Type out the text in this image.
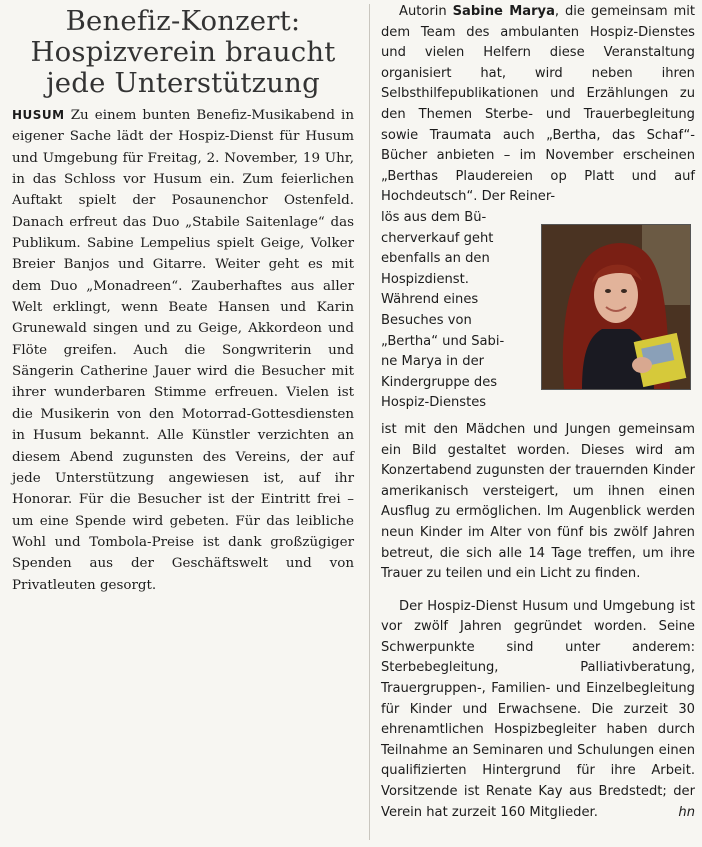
Benefiz-Konzert:
Hospizverein braucht
jede Unterstützung

HUSUM Zu einem bunten Benefiz-Musikabend in eigener Sache lädt der Hospiz-Dienst für Husum und Umgebung für Freitag, 2. November, 19 Uhr, in das Schloss vor Husum ein. Zum feierlichen Auftakt spielt der Posaunenchor Ostenfeld. Danach erfreut das Duo „Stabile Saitenlage“ das Publikum. Sabine Lempelius spielt Geige, Volker Breier Banjos und Gitarre. Weiter geht es mit dem Duo „Monadreen“. Zauberhaftes aus aller Welt erklingt, wenn Beate Hansen und Karin Grunewald singen und zu Geige, Akkordeon und Flöte greifen. Auch die Songwriterin und Sängerin Catherine Jauer wird die Besucher mit ihrer wunderbaren Stimme erfreuen. Vielen ist die Musikerin von den Motorrad-Gottesdiensten in Husum bekannt. Alle Künstler verzichten an diesem Abend zugunsten des Vereins, der auf jede Unterstützung angewiesen ist, auf ihr Honorar. Für die Besucher ist der Eintritt frei – um eine Spende wird gebeten. Für das leibliche Wohl und Tombola-Preise ist dank großzügiger Spenden aus der Geschäftswelt und von Privatleuten gesorgt.

Autorin Sabine Marya, die gemeinsam mit dem Team des ambulanten Hospiz-Dienstes und vielen Helfern diese Veranstaltung organisiert hat, wird neben ihren Selbsthilfepublikationen und Erzählungen zu den Themen Sterbe- und Trauerbegleitung sowie Traumata auch „Bertha, das Schaf“-Bücher anbieten – im November erscheinen „Berthas Plaudereien op Platt und auf Hochdeutsch“. Der Reiner-

lös aus dem Bü-
cherverkauf geht
ebenfalls an den
Hospizdienst.
Während eines
Besuches von
„Bertha“ und Sabi-
ne Marya in der
Kindergruppe des
Hospiz-Dienstes

ist mit den Mädchen und Jungen gemeinsam ein Bild gestaltet worden. Dieses wird am Konzertabend zugunsten der trauernden Kinder amerikanisch versteigert, um ihnen einen Ausflug zu ermöglichen. Im Augenblick werden neun Kinder im Alter von fünf bis zwölf Jahren betreut, die sich alle 14 Tage treffen, um ihre Trauer zu teilen und ein Licht zu finden.

Der Hospiz-Dienst Husum und Umgebung ist vor zwölf Jahren gegründet worden. Seine Schwerpunkte sind unter anderem: Sterbebegleitung, Palliativberatung, Trauergruppen-, Familien- und Einzelbegleitung für Kinder und Erwachsene. Die zurzeit 30 ehrenamtlichen Hospizbegleiter haben durch Teilnahme an Seminaren und Schulungen einen qualifizierten Hintergrund für ihre Arbeit. Vorsitzende ist Renate Kay aus Bredstedt; der Verein hat zurzeit 160 Mitglieder.	hn
